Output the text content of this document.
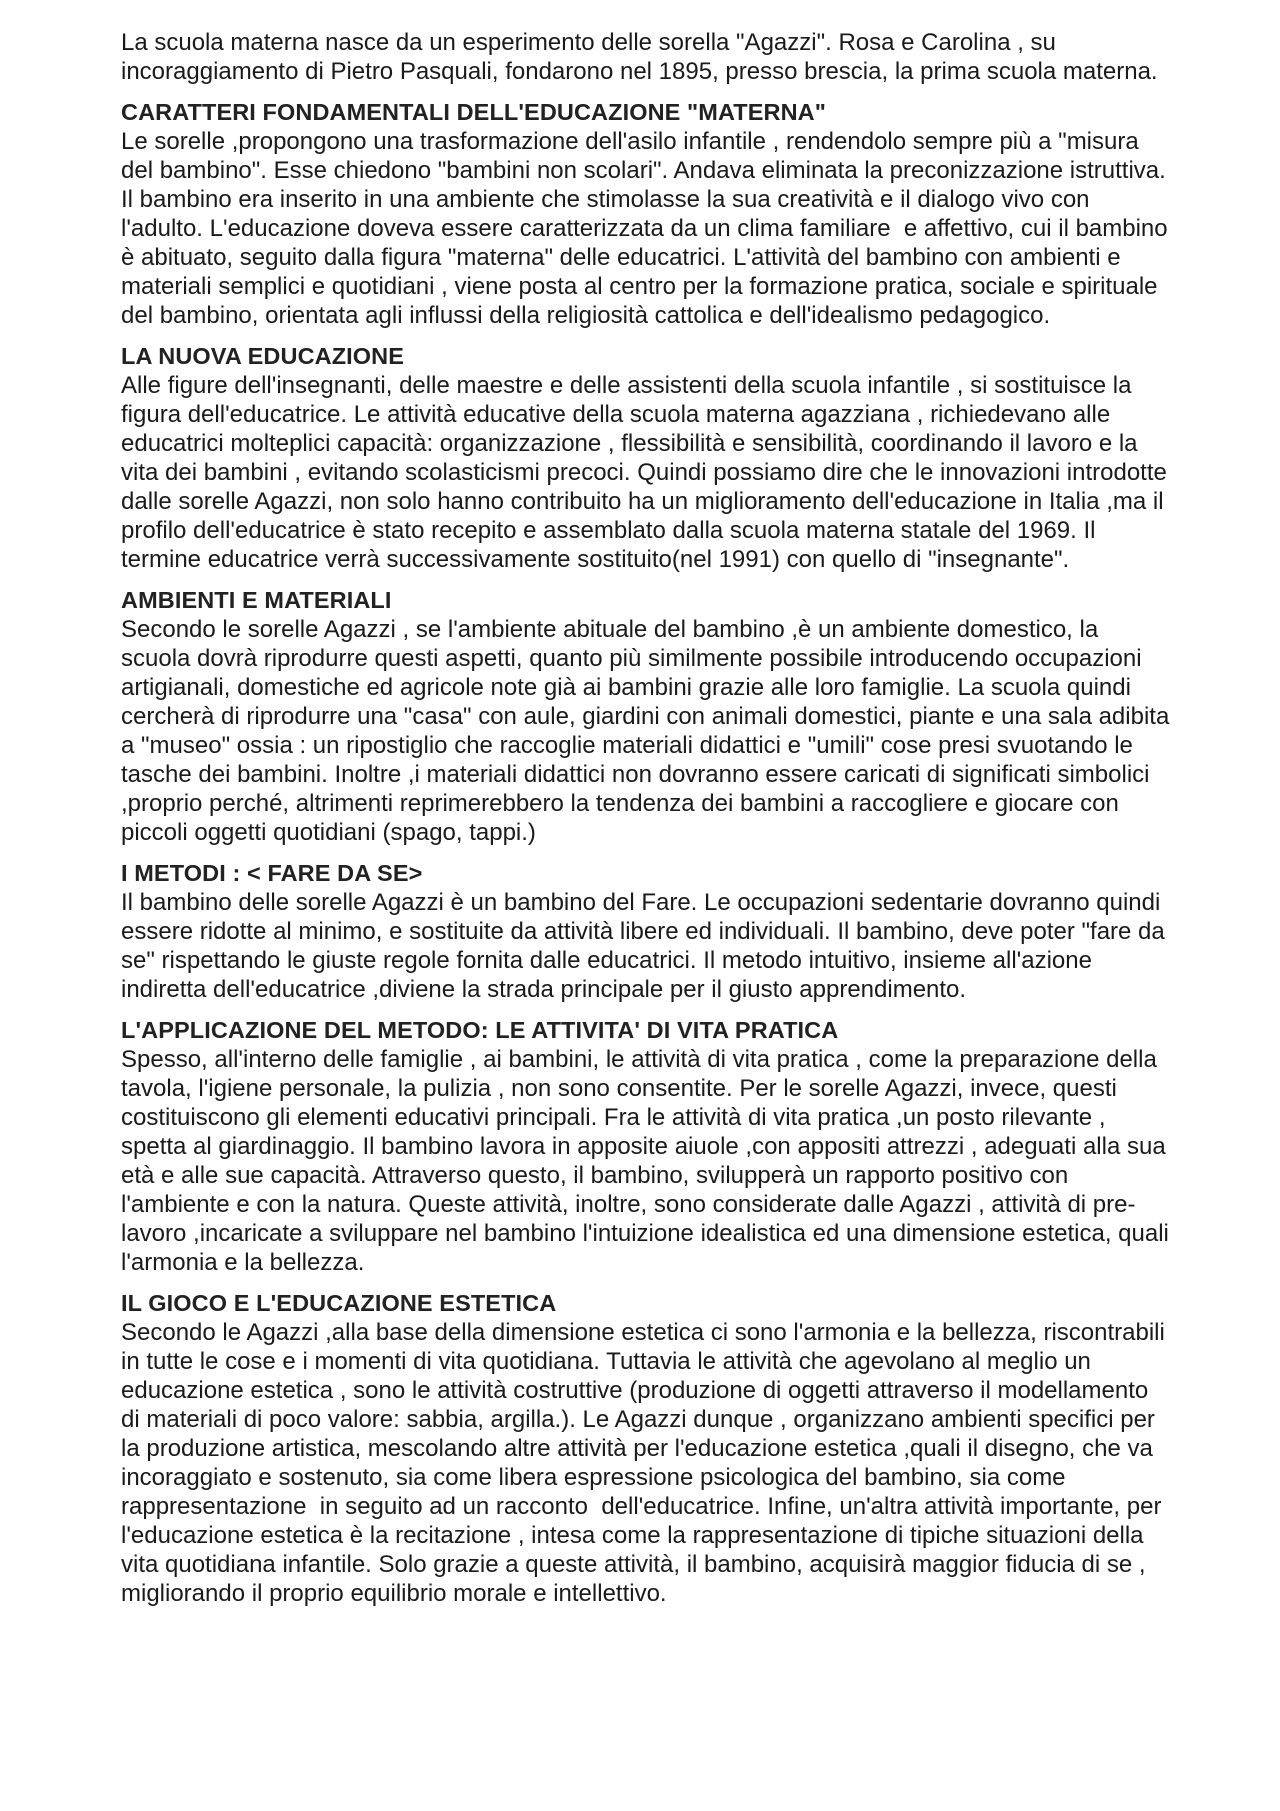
La scuola materna nasce da un esperimento delle sorella "Agazzi". Rosa e Carolina , su incoraggiamento di Pietro Pasquali, fondarono nel 1895, presso brescia, la prima scuola materna.

CARATTERI FONDAMENTALI DELL'EDUCAZIONE "MATERNA"

Le sorelle ,propongono una trasformazione dell'asilo infantile , rendendolo sempre più a "misura del bambino". Esse chiedono "bambini non scolari". Andava eliminata la preconizzazione istruttiva. Il bambino era inserito in una ambiente che stimolasse la sua creatività e il dialogo vivo con l'adulto. L'educazione doveva essere caratterizzata da un clima familiare  e affettivo, cui il bambino è abituato, seguito dalla figura "materna" delle educatrici. L'attività del bambino con ambienti e materiali semplici e quotidiani , viene posta al centro per la formazione pratica, sociale e spirituale del bambino, orientata agli influssi della religiosità cattolica e dell'idealismo pedagogico.

LA NUOVA EDUCAZIONE

Alle figure dell'insegnanti, delle maestre e delle assistenti della scuola infantile , si sostituisce la figura dell'educatrice. Le attività educative della scuola materna agazziana , richiedevano alle educatrici molteplici capacità: organizzazione , flessibilità e sensibilità, coordinando il lavoro e la vita dei bambini , evitando scolasticismi precoci. Quindi possiamo dire che le innovazioni introdotte dalle sorelle Agazzi, non solo hanno contribuito ha un miglioramento dell'educazione in Italia ,ma il profilo dell'educatrice è stato recepito e assemblato dalla scuola materna statale del 1969. Il termine educatrice verrà successivamente sostituito(nel 1991) con quello di "insegnante".

AMBIENTI E MATERIALI

Secondo le sorelle Agazzi , se l'ambiente abituale del bambino ,è un ambiente domestico, la scuola dovrà riprodurre questi aspetti, quanto più similmente possibile introducendo occupazioni artigianali, domestiche ed agricole note già ai bambini grazie alle loro famiglie. La scuola quindi cercherà di riprodurre una "casa" con aule, giardini con animali domestici, piante e una sala adibita a "museo" ossia : un ripostiglio che raccoglie materiali didattici e "umili" cose presi svuotando le tasche dei bambini. Inoltre ,i materiali didattici non dovranno essere caricati di significati simbolici ,proprio perché, altrimenti reprimerebbero la tendenza dei bambini a raccogliere e giocare con piccoli oggetti quotidiani (spago, tappi.)

I METODI : < FARE DA SE>

Il bambino delle sorelle Agazzi è un bambino del Fare. Le occupazioni sedentarie dovranno quindi essere ridotte al minimo, e sostituite da attività libere ed individuali. Il bambino, deve poter "fare da se" rispettando le giuste regole fornita dalle educatrici. Il metodo intuitivo, insieme all'azione indiretta dell'educatrice ,diviene la strada principale per il giusto apprendimento.

L'APPLICAZIONE DEL METODO: LE ATTIVITA' DI VITA PRATICA

Spesso, all'interno delle famiglie , ai bambini, le attività di vita pratica , come la preparazione della tavola, l'igiene personale, la pulizia , non sono consentite. Per le sorelle Agazzi, invece, questi costituiscono gli elementi educativi principali. Fra le attività di vita pratica ,un posto rilevante , spetta al giardinaggio. Il bambino lavora in apposite aiuole ,con appositi attrezzi , adeguati alla sua età e alle sue capacità. Attraverso questo, il bambino, svilupperà un rapporto positivo con l'ambiente e con la natura. Queste attività, inoltre, sono considerate dalle Agazzi , attività di pre-lavoro ,incaricate a sviluppare nel bambino l'intuizione idealistica ed una dimensione estetica, quali l'armonia e la bellezza.

IL GIOCO E L'EDUCAZIONE ESTETICA

Secondo le Agazzi ,alla base della dimensione estetica ci sono l'armonia e la bellezza, riscontrabili in tutte le cose e i momenti di vita quotidiana. Tuttavia le attività che agevolano al meglio un educazione estetica , sono le attività costruttive (produzione di oggetti attraverso il modellamento di materiali di poco valore: sabbia, argilla.). Le Agazzi dunque , organizzano ambienti specifici per la produzione artistica, mescolando altre attività per l'educazione estetica ,quali il disegno, che va incoraggiato e sostenuto, sia come libera espressione psicologica del bambino, sia come rappresentazione  in seguito ad un racconto  dell'educatrice. Infine, un'altra attività importante, per l'educazione estetica è la recitazione , intesa come la rappresentazione di tipiche situazioni della vita quotidiana infantile. Solo grazie a queste attività, il bambino, acquisirà maggior fiducia di se , migliorando il proprio equilibrio morale e intellettivo.
